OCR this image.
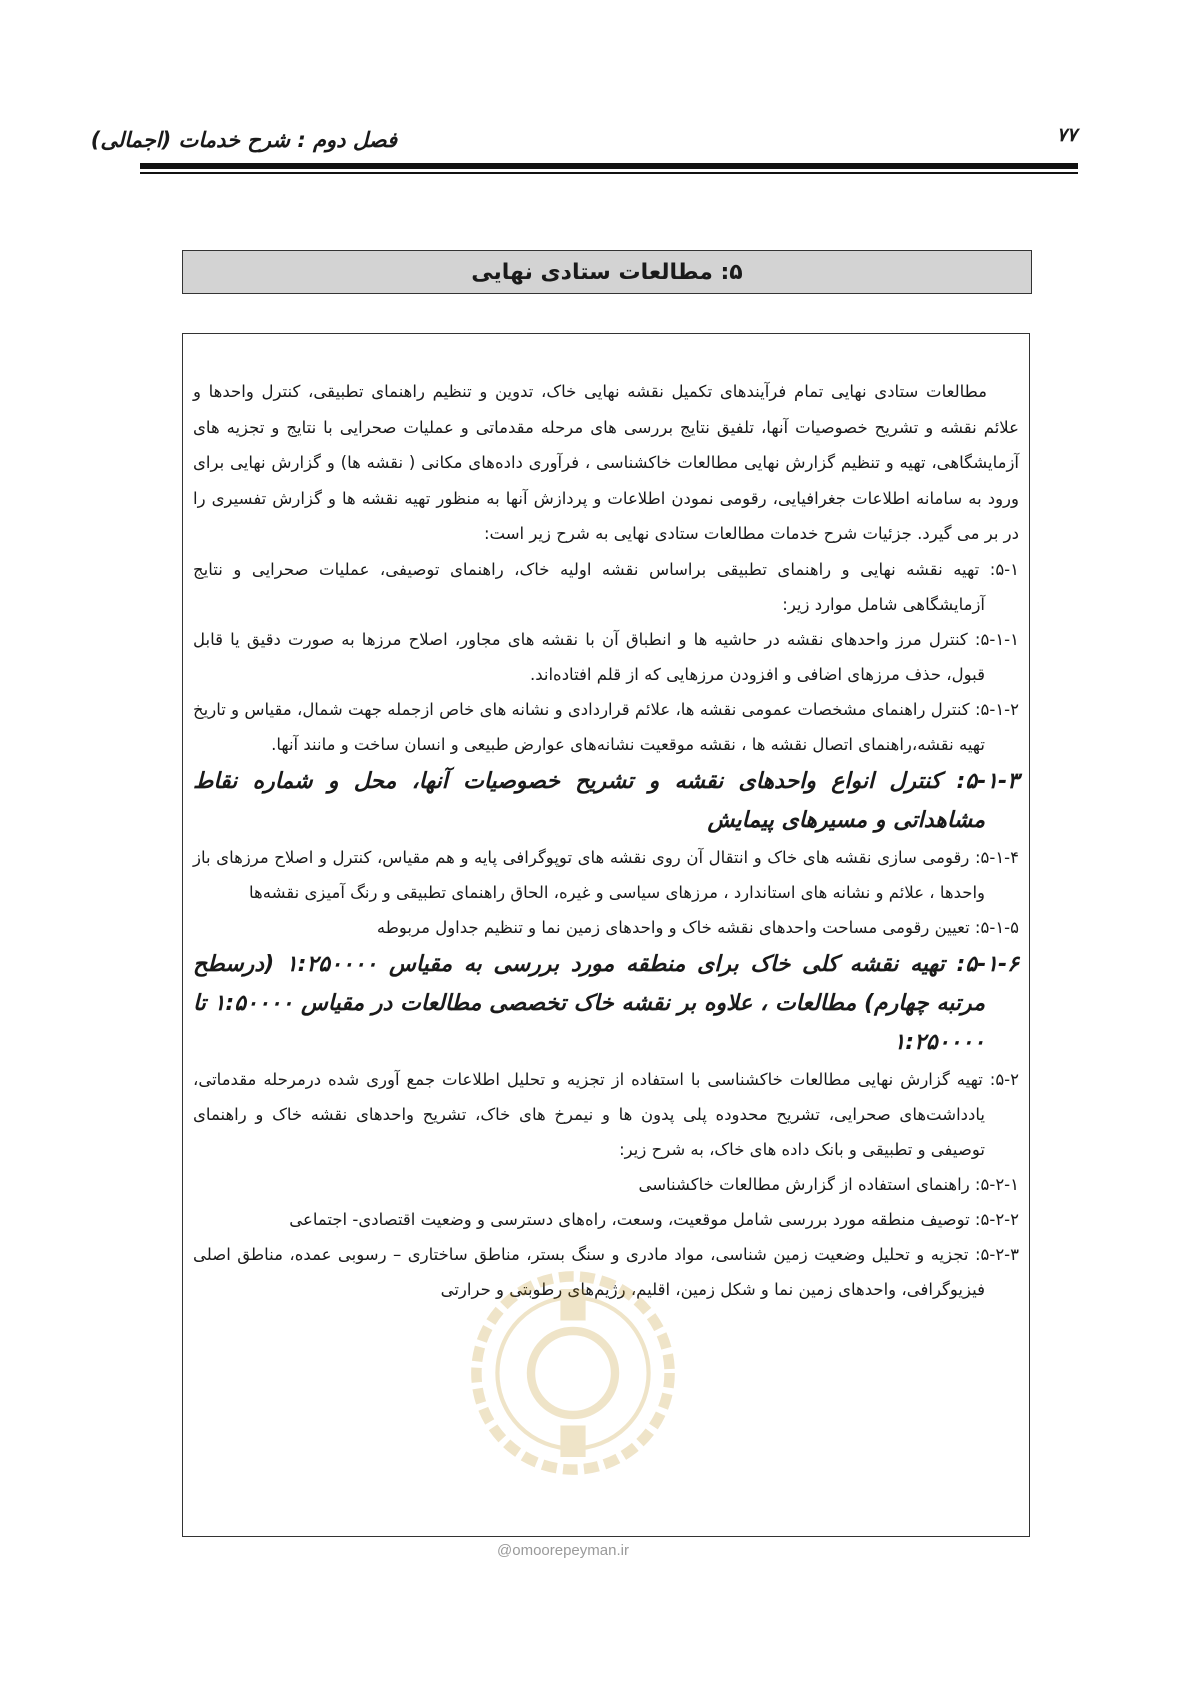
فصل دوم : شرح خدمات (اجمالی)	۷۷
۵: مطالعات ستادی نهایی

مطالعات ستادی نهایی تمام فرآیندهای تکمیل نقشه نهایی خاک، تدوین و تنظیم راهنمای تطبیقی، کنترل واحدها و علائم نقشه و تشریح خصوصیات آنها، تلفیق نتایج بررسی های مرحله مقدماتی و عملیات صحرایی با نتایج و تجزیه های آزمایشگاهی، تهیه و تنظیم گزارش نهایی مطالعات خاکشناسی ، فرآوری داده‌های مکانی ( نقشه ها) و گزارش نهایی برای ورود به سامانه اطلاعات جغرافیایی، رقومی نمودن اطلاعات و پردازش آنها به منظور تهیه نقشه ها و گزارش تفسیری را در بر می گیرد. جزئیات شرح خدمات مطالعات ستادی نهایی به شرح زیر است:

۵-۱: تهیه نقشه نهایی و راهنمای تطبیقی براساس نقشه اولیه خاک، راهنمای توصیفی، عملیات صحرایی و نتایج آزمایشگاهی شامل موارد زیر:

۵-۱-۱: کنترل مرز واحدهای نقشه در حاشیه ها و انطباق آن با نقشه های مجاور، اصلاح مرزها به صورت دقیق یا قابل قبول، حذف مرزهای اضافی و افزودن مرزهایی که از قلم افتاده‌اند.

۵-۱-۲: کنترل راهنمای مشخصات عمومی نقشه ها، علائم قراردادی و نشانه های خاص ازجمله جهت شمال، مقیاس و تاریخ تهیه نقشه،راهنمای اتصال نقشه ها ، نقشه موقعیت نشانه‌های عوارض طبیعی و انسان ساخت و مانند آنها.

۵-۱-۳: کنترل انواع واحدهای نقشه و تشریح خصوصیات آنها، محل و شماره نقاط مشاهداتی و مسیرهای پیمایش

۵-۱-۴: رقومی سازی نقشه های خاک و انتقال آن روی نقشه های توپوگرافی پایه و هم مقیاس، کنترل و اصلاح مرزهای باز واحدها ، علائم و نشانه های استاندارد ، مرزهای سیاسی و غیره، الحاق راهنمای تطبیقی و رنگ آمیزی نقشه‌ها

۵-۱-۵: تعیین رقومی مساحت واحدهای نقشه خاک و واحدهای زمین نما و تنظیم جداول مربوطه

۵-۱-۶: تهیه نقشه کلی خاک برای منطقه مورد بررسی به مقیاس ۱:۲۵۰۰۰۰ (درسطح مرتبه چهارم) مطالعات ، علاوه بر نقشه خاک تخصصی مطالعات در مقیاس ۱:۵۰۰۰۰ تا ۱:۲۵۰۰۰۰

۵-۲: تهیه گزارش نهایی مطالعات خاکشناسی با استفاده از تجزیه و تحلیل اطلاعات جمع آوری شده درمرحله مقدماتی، یادداشت‌های صحرایی، تشریح محدوده پلی پدون ها و نیمرخ های خاک، تشریح واحدهای نقشه خاک و راهنمای توصیفی و تطبیقی و بانک داده های خاک، به شرح زیر:

۵-۲-۱: راهنمای استفاده از گزارش مطالعات خاکشناسی

۵-۲-۲: توصیف منطقه مورد بررسی شامل موقعیت، وسعت، راه‌های دسترسی و وضعیت اقتصادی- اجتماعی

۵-۲-۳: تجزیه و تحلیل وضعیت زمین شناسی، مواد مادری و سنگ بستر، مناطق ساختاری – رسوبی عمده، مناطق اصلی فیزیوگرافی، واحدهای زمین نما و شکل زمین، اقلیم، رژیم‌های رطوبتی و حرارتی

@omoorepeyman.ir
